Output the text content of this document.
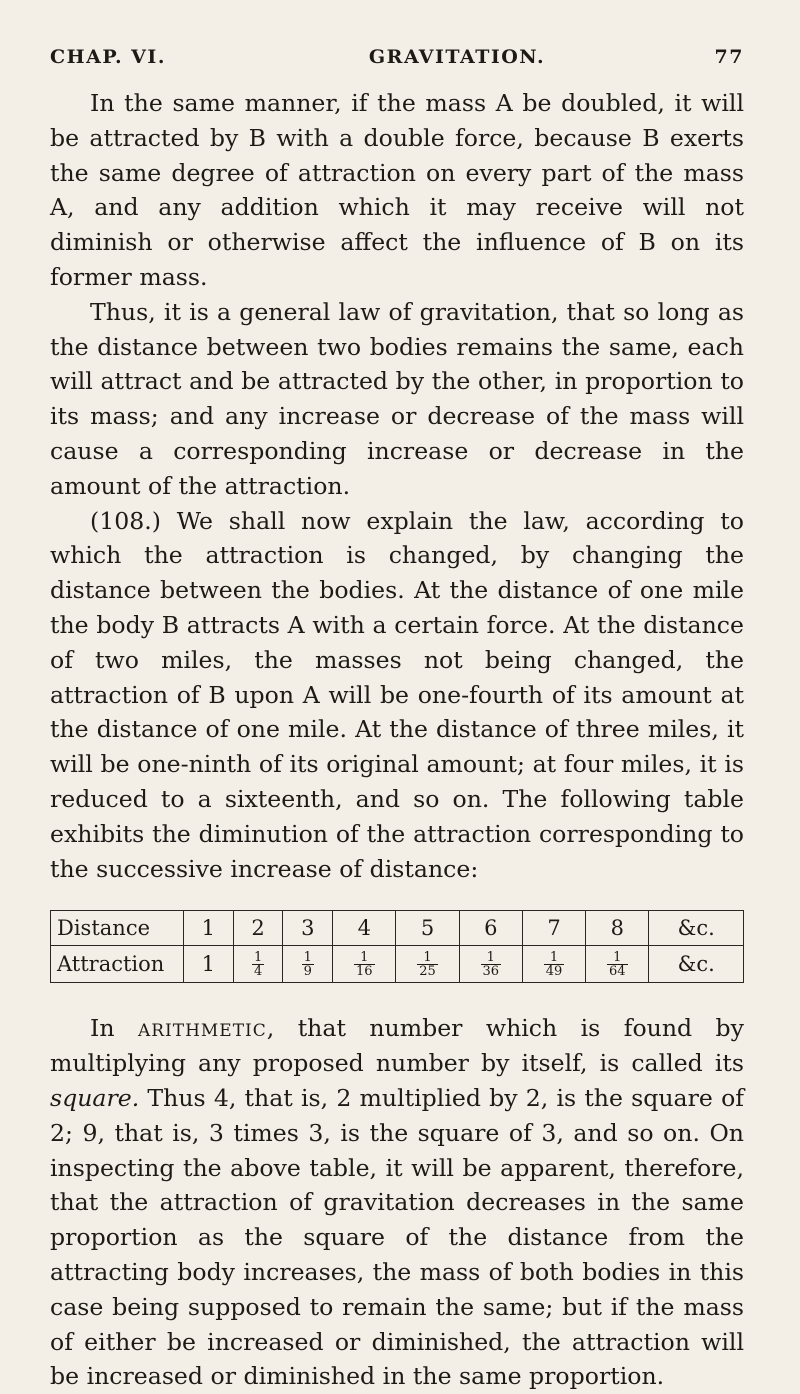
CHAP. VI.	GRAVITATION.	77

In the same manner, if the mass A be doubled, it will be attracted by B with a double force, because B exerts the same degree of attraction on every part of the mass A, and any addition which it may receive will not diminish or otherwise affect the influence of B on its former mass.

Thus, it is a general law of gravitation, that so long as the distance between two bodies remains the same, each will attract and be attracted by the other, in proportion to its mass; and any increase or decrease of the mass will cause a corresponding increase or decrease in the amount of the attraction.

(108.) We shall now explain the law, according to which the attraction is changed, by changing the distance between the bodies. At the distance of one mile the body B attracts A with a certain force. At the distance of two miles, the masses not being changed, the attraction of B upon A will be one-fourth of its amount at the distance of one mile. At the distance of three miles, it will be one-ninth of its original amount; at four miles, it is reduced to a sixteenth, and so on. The following table exhibits the diminution of the attraction corresponding to the successive increase of distance:

Distance	1	2	3	4	5	6	7	8	&c.
Attraction	1	$\frac{1}{4}$	$\frac{1}{9}$	$\frac{1}{16}$	$\frac{1}{25}$	$\frac{1}{36}$	$\frac{1}{49}$	$\frac{1}{64}$	&c.

In arithmetic, that number which is found by multiplying any proposed number by itself, is called its square. Thus 4, that is, 2 multiplied by 2, is the square of 2; 9, that is, 3 times 3, is the square of 3, and so on. On inspecting the above table, it will be apparent, therefore, that the attraction of gravitation decreases in the same proportion as the square of the distance from the attracting body increases, the mass of both bodies in this case being supposed to remain the same; but if the mass of either be increased or diminished, the attraction will be increased or diminished in the same proportion.
